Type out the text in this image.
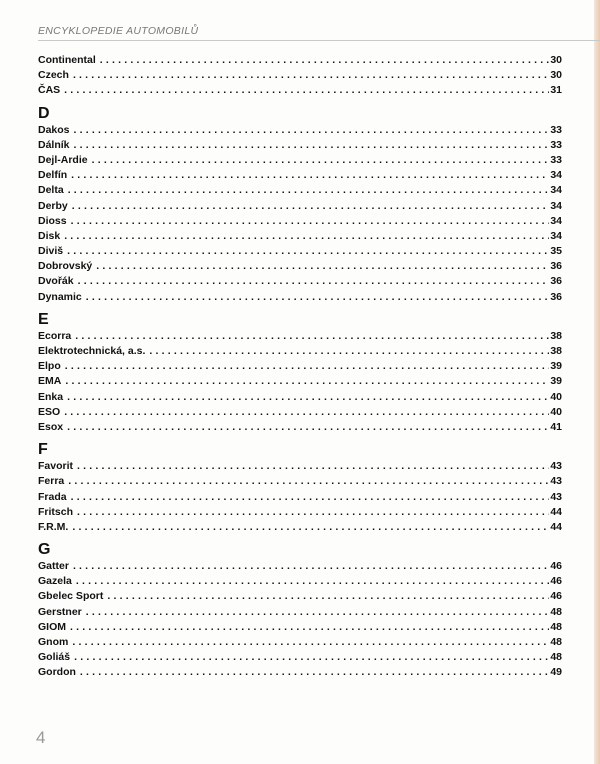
ENCYKLOPEDIE AUTOMOBILŮ
Continental .....	30
Czech .....	30
ČAS .....	31
D
Dakos .....	33
Dálník .....	33
Dejl-Ardie .....	33
Delfín .....	34
Delta .....	34
Derby .....	34
Dioss .....	34
Disk .....	34
Diviš .....	35
Dobrovský .....	36
Dvořák .....	36
Dynamic .....	36
E
Ecorra .....	38
Elektrotechnická, a.s. .....	38
Elpo .....	39
EMA .....	39
Enka .....	40
ESO .....	40
Esox .....	41
F
Favorit .....	43
Ferra .....	43
Frada .....	43
Fritsch .....	44
F.R.M. .....	44
G
Gatter .....	46
Gazela .....	46
Gbelec Sport .....	46
Gerstner .....	48
GIOM .....	48
Gnom .....	48
Goliáš .....	48
Gordon .....	49
4
